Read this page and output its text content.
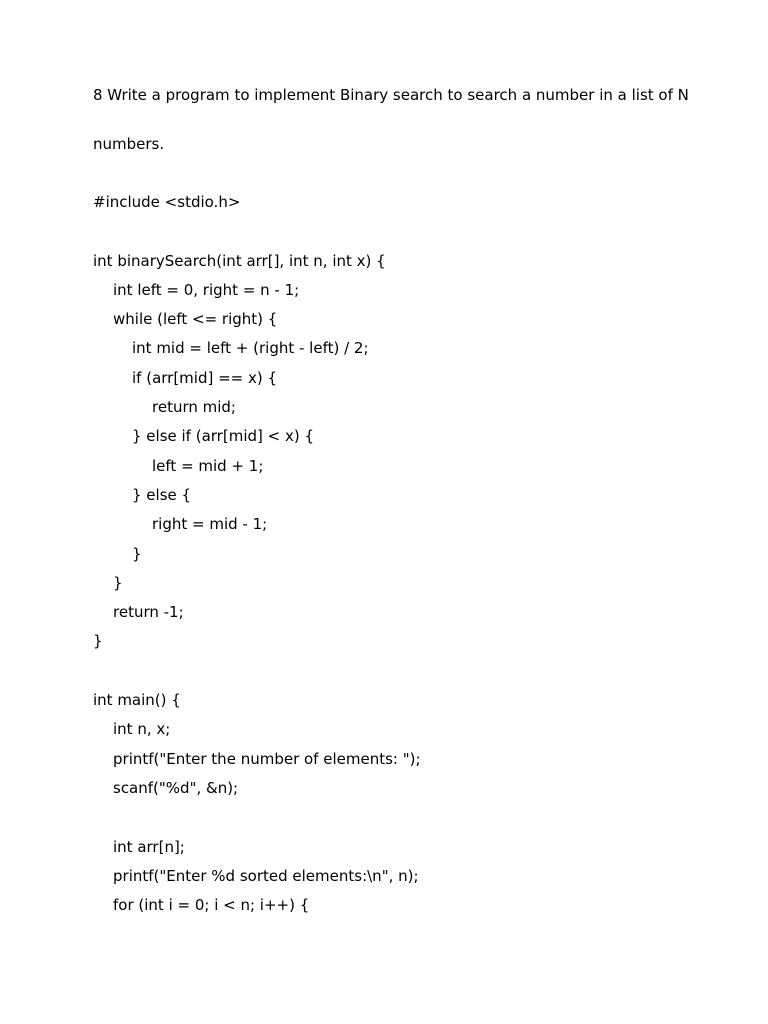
8 Write a program to implement Binary search to search a number in a list of N

numbers.

#include <stdio.h>
int binarySearch(int arr[], int n, int x) {
int left = 0, right = n - 1;
while (left <= right) {
int mid = left + (right - left) / 2;
if (arr[mid] == x) {
return mid;
} else if (arr[mid] < x) {
left = mid + 1;
} else {
right = mid - 1;
}
}
return -1;
}
int main() {
int n, x;
printf("Enter the number of elements: ");
scanf("%d", &n);
int arr[n];
printf("Enter %d sorted elements:\n", n);
for (int i = 0; i < n; i++) {
